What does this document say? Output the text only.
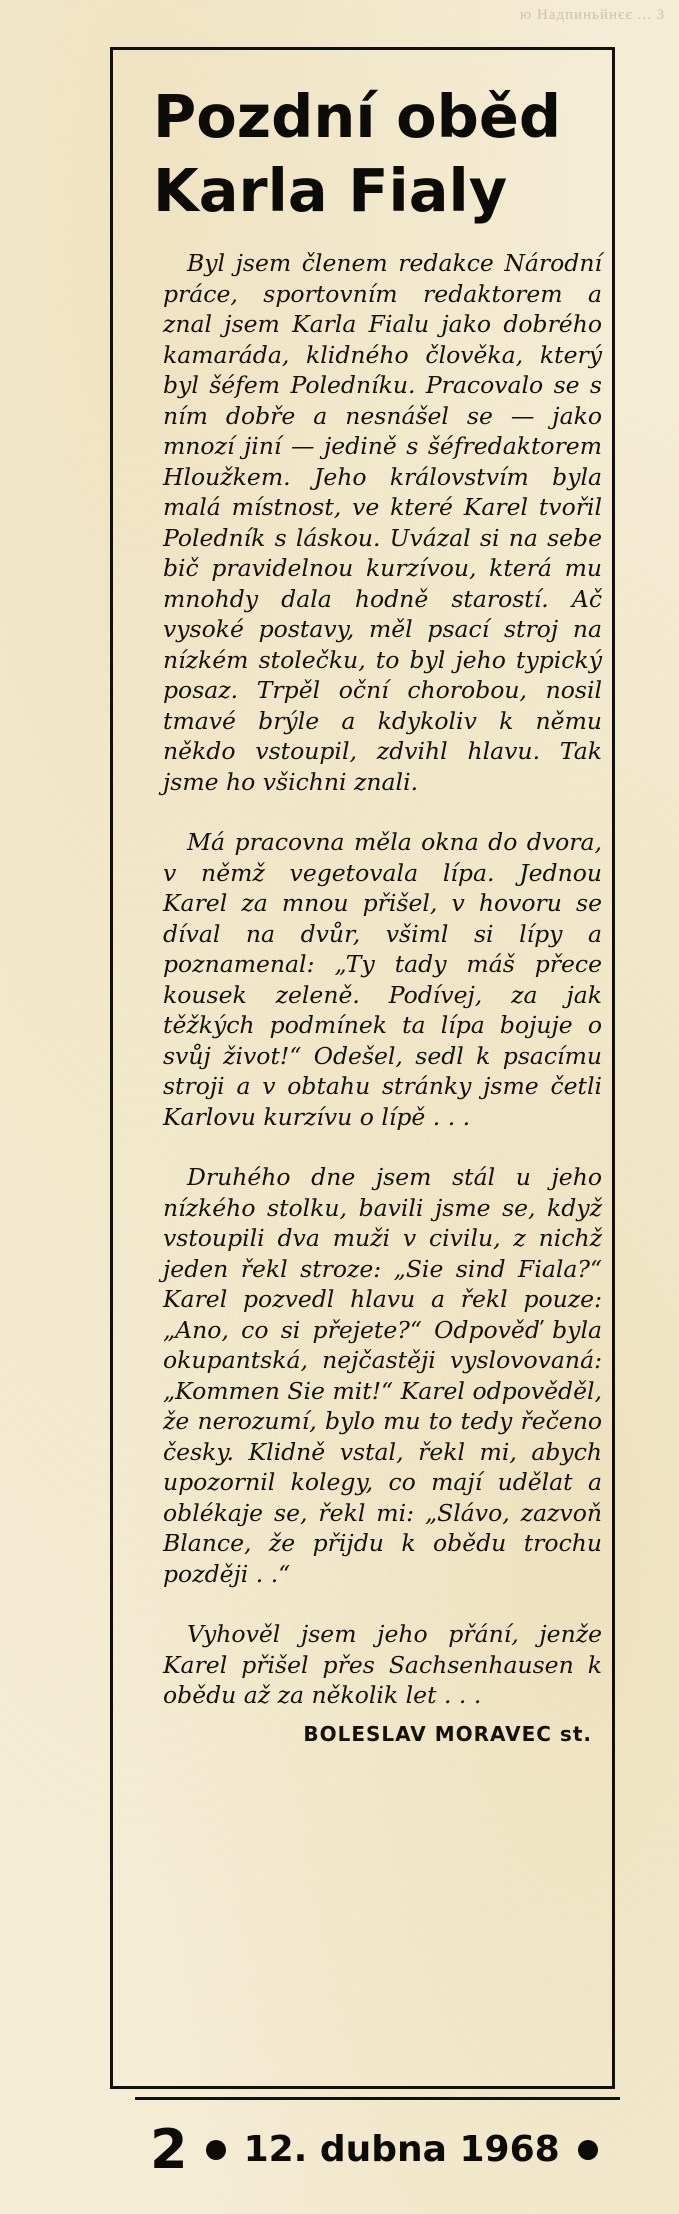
ю Надпиньйнєє ... 3
Pozdní oběd
Karla Fialy

Byl jsem členem redakce Národní práce, sportovním redaktorem a znal jsem Karla Fialu jako dobrého kamaráda, klidného člověka, který byl šéfem Poledníku. Pracovalo se s ním dobře a nesnášel se — jako mnozí jiní — jedině s šéfredaktorem Hloužkem. Jeho královstvím byla malá místnost, ve které Karel tvořil Poledník s láskou. Uvázal si na sebe bič pravidelnou kurzívou, která mu mnohdy dala hodně starostí. Ač vysoké postavy, měl psací stroj na nízkém stolečku, to byl jeho typický posaz. Trpěl oční chorobou, nosil tmavé brýle a kdykoliv k němu někdo vstoupil, zdvihl hlavu. Tak jsme ho všichni znali.

Má pracovna měla okna do dvora, v němž vegetovala lípa. Jednou Karel za mnou přišel, v hovoru se díval na dvůr, všiml si lípy a poznamenal: „Ty tady máš přece kousek zeleně. Podívej, za jak těžkých podmínek ta lípa bojuje o svůj život!“ Odešel, sedl k psacímu stroji a v obtahu stránky jsme četli Karlovu kurzívu o lípě . . .

Druhého dne jsem stál u jeho nízkého stolku, bavili jsme se, když vstoupili dva muži v civilu, z nichž jeden řekl stroze: „Sie sind Fiala?“ Karel pozvedl hlavu a řekl pouze: „Ano, co si přejete?“ Odpověď byla okupantská, nejčastěji vyslovovaná: „Kommen Sie mit!“ Karel odpověděl, že nerozumí, bylo mu to tedy řečeno česky. Klidně vstal, řekl mi, abych upozornil kolegy, co mají udělat a oblékaje se, řekl mi: „Slávo, zazvoň Blance, že přijdu k obědu trochu později . .“

Vyhověl jsem jeho přání, jenže Karel přišel přes Sachsenhausen k obědu až za několik let . . .

BOLESLAV MORAVEC st.
2 12. dubna 1968
